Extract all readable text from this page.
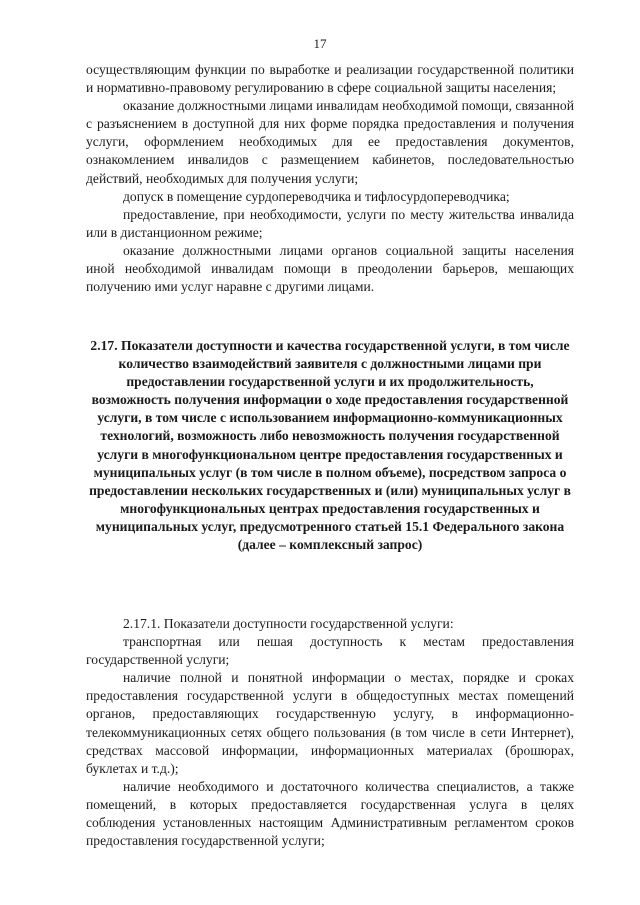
17

осуществляющим функции по выработке и реализации государственной политики и нормативно-правовому регулированию в сфере социальной защиты населения;

оказание должностными лицами инвалидам необходимой помощи, связанной с разъяснением в доступной для них форме порядка предоставления и получения услуги, оформлением необходимых для ее предоставления документов, ознакомлением инвалидов с размещением кабинетов, последовательностью действий, необходимых для получения услуги;

допуск в помещение сурдопереводчика и тифлосурдопереводчика;

предоставление, при необходимости, услуги по месту жительства инвалида или в дистанционном режиме;

оказание должностными лицами органов социальной защиты населения иной необходимой инвалидам помощи в преодолении барьеров, мешающих получению ими услуг наравне с другими лицами.

2.17. Показатели доступности и качества государственной услуги, в том числе количество взаимодействий заявителя с должностными лицами при предоставлении государственной услуги и их продолжительность, возможность получения информации о ходе предоставления государственной услуги, в том числе с использованием информационно-коммуникационных технологий, возможность либо невозможность получения государственной услуги в многофункциональном центре предоставления государственных и муниципальных услуг (в том числе в полном объеме), посредством запроса о предоставлении нескольких государственных и (или) муниципальных услуг в многофункциональных центрах предоставления государственных и муниципальных услуг, предусмотренного статьей 15.1 Федерального закона (далее – комплексный запрос)

2.17.1. Показатели доступности государственной услуги:

транспортная или пешая доступность к местам предоставления государственной услуги;

наличие полной и понятной информации о местах, порядке и сроках предоставления государственной услуги в общедоступных местах помещений органов, предоставляющих государственную услугу, в информационно-телекоммуникационных сетях общего пользования (в том числе в сети Интернет), средствах массовой информации, информационных материалах (брошюрах, буклетах и т.д.);

наличие необходимого и достаточного количества специалистов, а также помещений, в которых предоставляется государственная услуга в целях соблюдения установленных настоящим Административным регламентом сроков предоставления государственной услуги;
